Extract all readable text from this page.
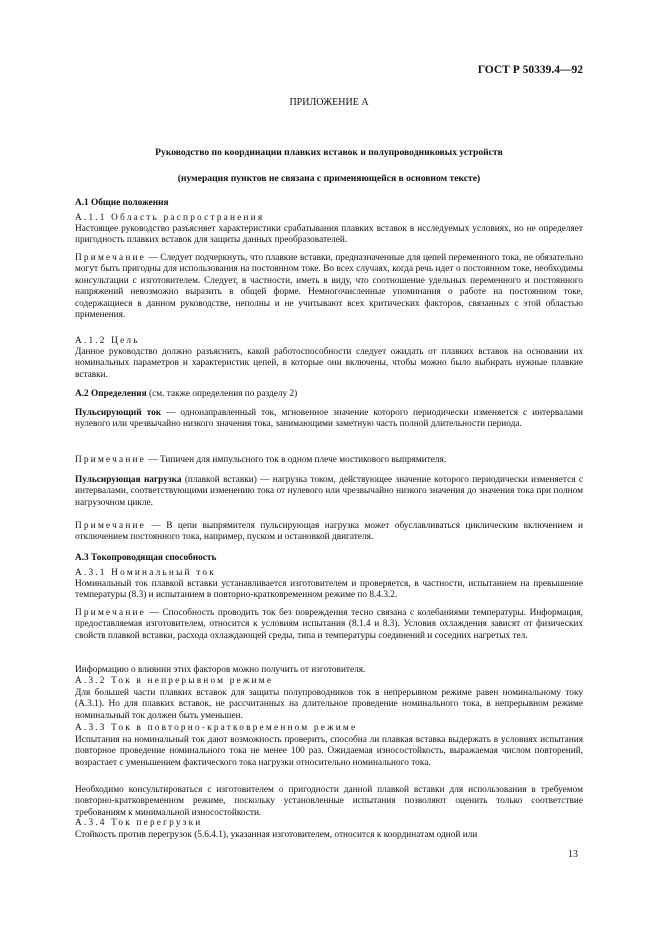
ГОСТ Р 50339.4—92
ПРИЛОЖЕНИЕ А
Руководство по координации плавких вставок и полупроводниковых устройств
(нумерация пунктов не связана с применяющейся в основном тексте)
А.1 Общие положения
А.1.1 Область распространения

Настоящее руководство разъясняет характеристики срабатывания плавких вставок в исследуемых условиях, но не определяет пригодность плавких вставок для защиты данных преобразователей.

Примечание — Следует подчеркнуть, что плавкие вставки, предназначенные для цепей переменного тока, не обязательно могут быть пригодны для использования на постоянном токе. Во всех случаях, когда речь идет о постоянном токе, необходимы консультации с изготовителем. Следует, в частности, иметь в виду, что соотношение удельных переменного и постоянного напряжений невозможно выразить в общей форме. Немногочисленные упоминания о работе на постоянном токе, содержащиеся в данном руководстве, неполны и не учитывают всех критических факторов, связанных с этой областью применения.

А.1.2 Цель

Данное руководство должно разъяснить, какой работоспособности следует ожидать от плавких вставок на основании их номинальных параметров и характеристик цепей, в которые они включены, чтобы можно было выбирать нужные плавкие вставки.

А.2 Определения (см. также определения по разделу 2)

Пульсирующий ток — однонаправленный ток, мгновенное значение которого периодически изменяется с интервалами нулевого или чрезвычайно низкого значения тока, занимающими заметную часть полной длительности периода.

Примечание — Типичен для импульсного ток в одном плече мостикового выпрямителя.

Пульсирующая нагрузка (плавкой вставки) — нагрузка током, действующее значение которого периодически изменяется с интервалами, соответствующими изменению тока от нулевого или чрезвычайно низкого значения до значения тока при полном нагрузочном цикле.

Примечание — В цепи выпрямителя пульсирующая нагрузка может обуславливаться циклическим включением и отключением постоянного тока, например, пуском и остановкой двигателя.

А.3 Токопроводящая способность
А.3.1 Номинальный ток

Номинальный ток плавкой вставки устанавливается изготовителем и проверяется, в частности, испытанием на превышение температуры (8.3) и испытанием в повторно-кратковременном режиме по 8.4.3.2.

Примечание — Способность проводить ток без повреждения тесно связана с колебаниями температуры. Информация, предоставляемая изготовителем, относится к условиям испытания (8.1.4 и 8.3). Условия охлаждения зависят от физических свойств плавкой вставки, расхода охлаждающей среды, типа и температуры соединений и соседних нагретых тел.

Информацию о влиянии этих факторов можно получить от изготовителя.

А.3.2 Ток в непрерывном режиме

Для большей части плавких вставок для защиты полупроводников ток в непрерывном режиме равен номинальному току (А.3.1). Но для плавких вставок, не рассчитанных на длительное проведение номинального тока, в непрерывном режиме номинальный ток должен быть уменьшен.

А.3.3 Ток в повторно-кратковременном режиме

Испытания на номинальный ток дают возможность проверить, способна ли плавкая вставка выдержать в условиях испытания повторное проведение номинального тока не менее 100 раз. Ожидаемая износостойкость, выражаемая числом повторений, возрастает с уменьшением фактического тока нагрузки относительно номинального тока.

Необходимо консультироваться с изготовителем о пригодности данной плавкой вставки для использования в требуемом повторно-кратковременном режиме, поскольку установленные испытания позволяют оценить только соответствие требованиям к минимальной износостойкости.

А.3.4 Ток перегрузки

Стойкость против перегрузок (5.6.4.1), указанная изготовителем, относится к координатам одной или

13
